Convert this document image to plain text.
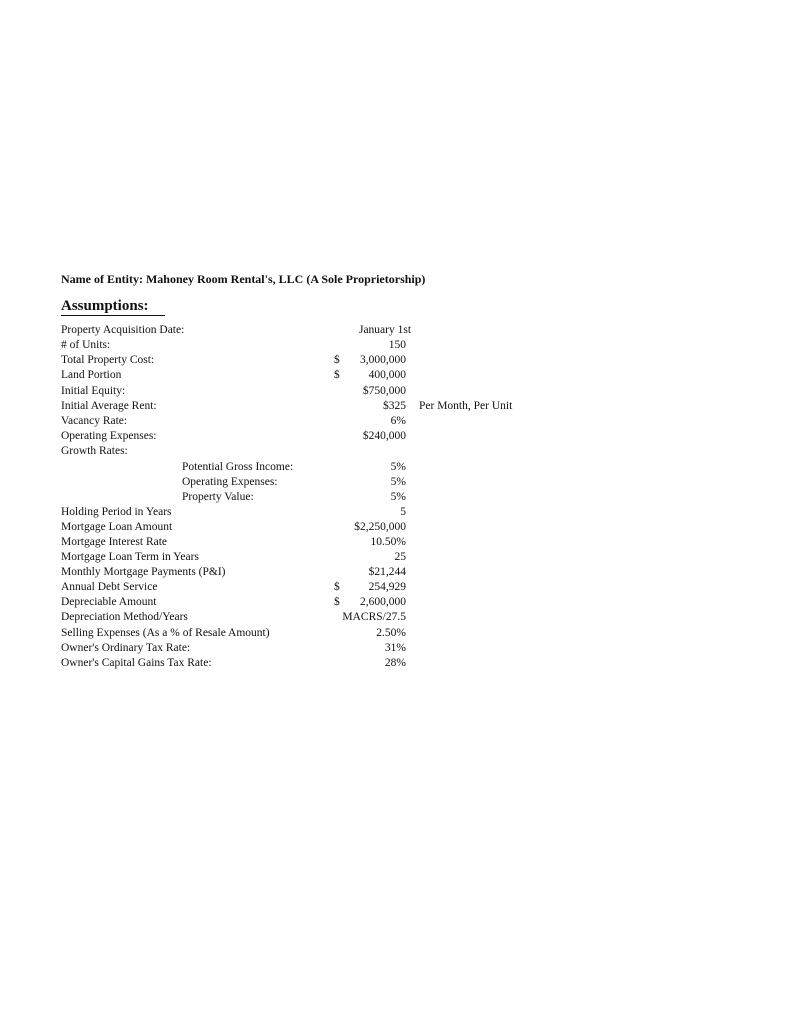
Name of Entity: Mahoney Room Rental's, LLC (A Sole Proprietorship)
Assumptions:
Property Acquisition Date:	January 1st
# of Units:	150
Total Property Cost:	$ 3,000,000
Land Portion	$	400,000
Initial Equity:	$750,000
Initial Average Rent:	$325 Per Month, Per Unit
Vacancy Rate:	6%
Operating Expenses:	$240,000
Growth Rates:
Potential Gross Income:	5%
Operating Expenses:	5%
Property Value:	5%
Holding Period in Years	5
Mortgage Loan Amount	$2,250,000
Mortgage Interest Rate	10.50%
Mortgage Loan Term in Years	25
Monthly Mortgage Payments (P&I)	$21,244
Annual Debt Service	$	254,929
Depreciable Amount	$ 2,600,000
Depreciation Method/Years	MACRS/27.5
Selling Expenses (As a % of Resale Amount)	2.50%
Owner's Ordinary Tax Rate:	31%
Owner's Capital Gains Tax Rate:	28%
